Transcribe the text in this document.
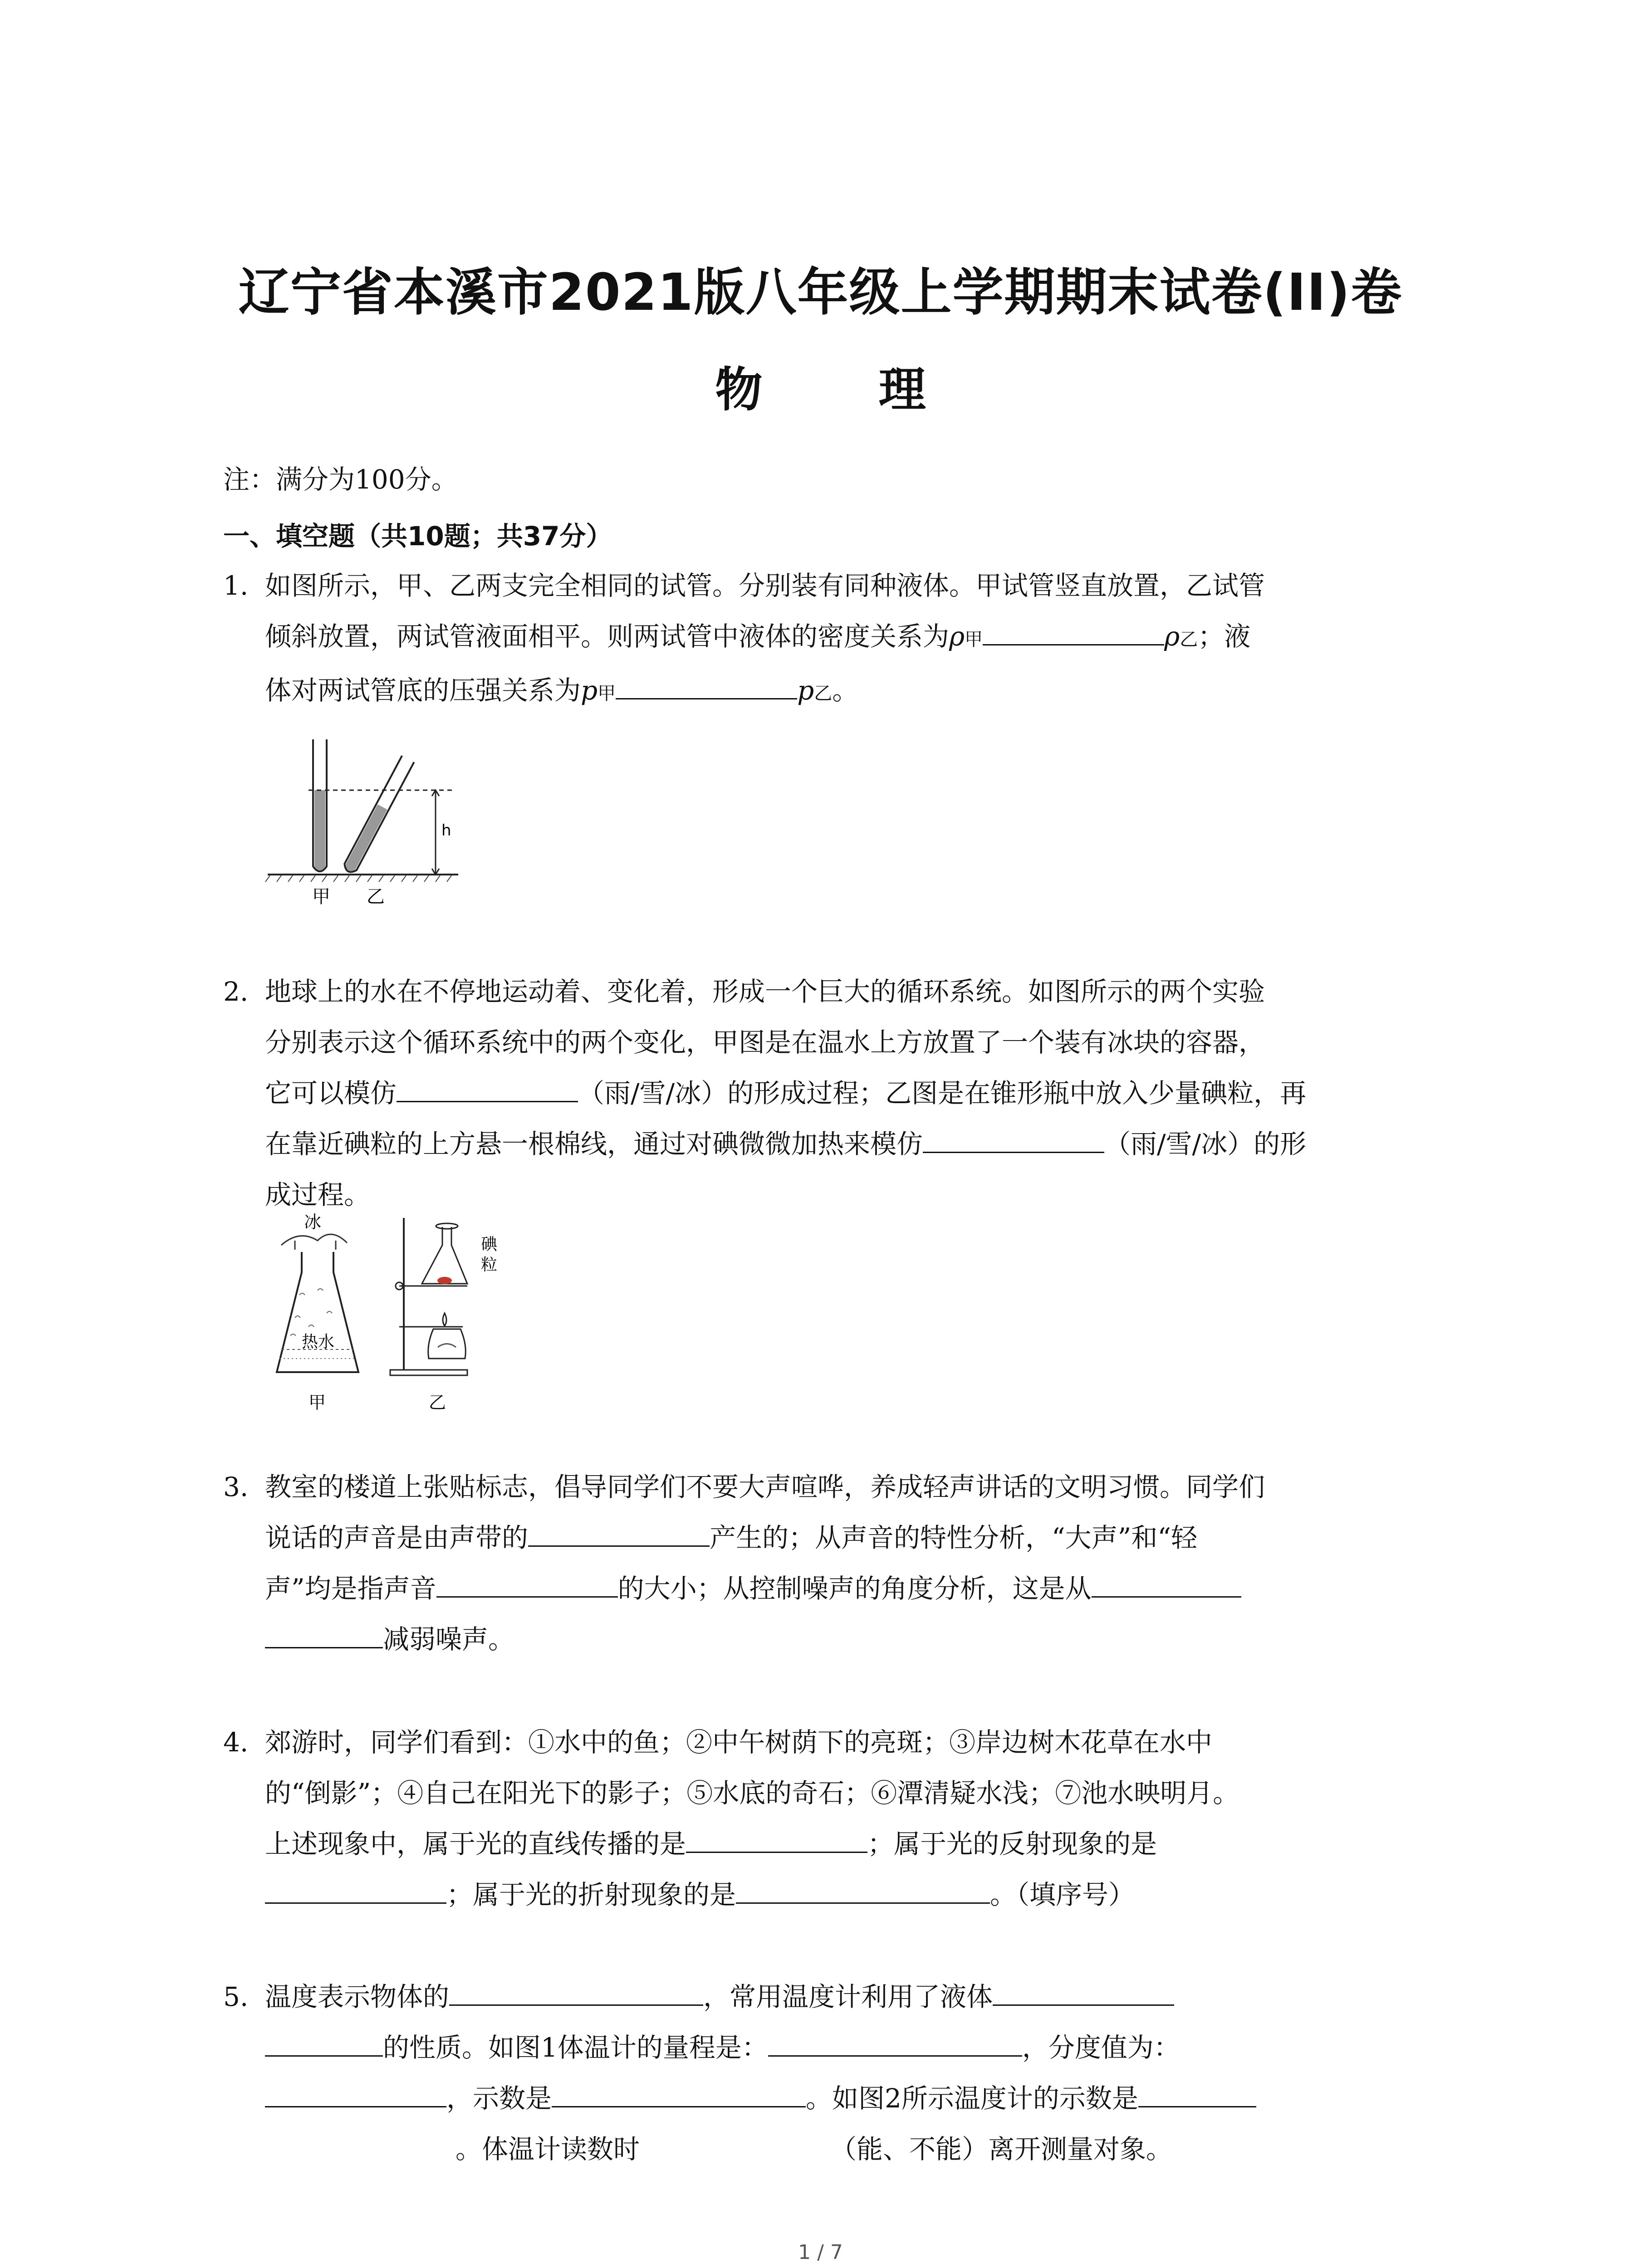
辽宁省本溪市2021版八年级上学期期末试卷(II)卷
物 理
注：满分为100分。
一、填空题（共10题；共37分）
1. 如图所示，甲、乙两支完全相同的试管。分别装有同种液体。甲试管竖直放置，乙试管
倾斜放置，两试管液面相平。则两试管中液体的密度关系为ρ甲	ρ乙；液
体对两试管底的压强关系为p甲	p乙。
h
甲 乙
2. 地球上的水在不停地运动着、变化着，形成一个巨大的循环系统。如图所示的两个实验
分别表示这个循环系统中的两个变化，甲图是在温水上方放置了一个装有冰块的容器，
它可以模仿	（雨/雪/冰）的形成过程；乙图是在锥形瓶中放入少量碘粒，再
在靠近碘粒的上方悬一根棉线，通过对碘微微加热来模仿	（雨/雪/冰）的形
成过程。
冰
热水
甲
碘
粒
乙
3. 教室的楼道上张贴标志，倡导同学们不要大声喧哗，养成轻声讲话的文明习惯。同学们
说话的声音是由声带的	产生的；从声音的特性分析，“大声”和“轻
声”均是指声音	的大小；从控制噪声的角度分析，这是从
减弱噪声。
4. 郊游时，同学们看到：①水中的鱼；②中午树荫下的亮斑；③岸边树木花草在水中
的“倒影”；④自己在阳光下的影子；⑤水底的奇石；⑥潭清疑水浅；⑦池水映明月。
上述现象中，属于光的直线传播的是	；属于光的反射现象的是
；属于光的折射现象的是	。（填序号）
5. 温度表示物体的	，常用温度计利用了液体
的性质。如图1体温计的量程是：	，分度值为：
，示数是	。如图2所示温度计的示数是
。体温计读数时	（能、不能）离开测量对象。
1 / 7
